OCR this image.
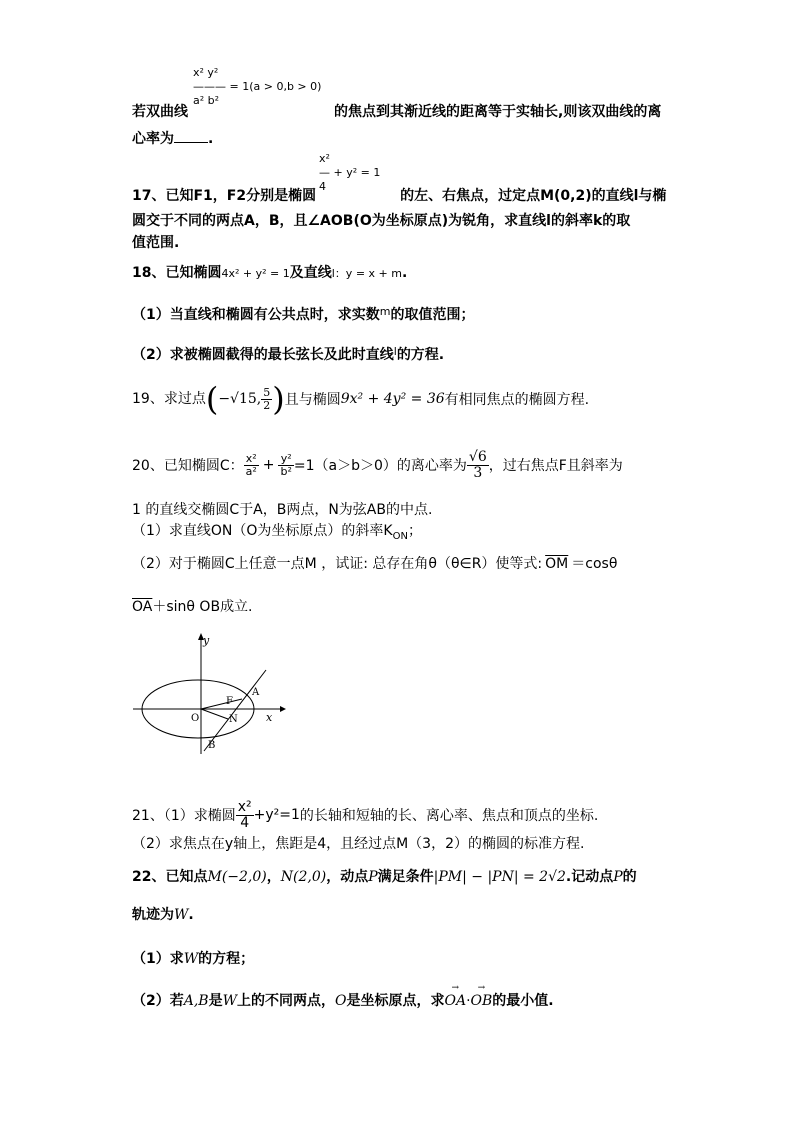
x² y²
——— = 1(a > 0,b > 0)
a² b²
若双曲线	的焦点到其渐近线的距离等于实轴长,则该双曲线的离
心率为 .
x²
— + y² = 1
4
17、已知F1，F2分别是椭圆	的左、右焦点，过定点M(0,2)的直线l与椭
圆交于不同的两点A，B，且∠AOB(O为坐标原点)为锐角，求直线l的斜率k的取
值范围.
18、已知椭圆4x² + y² = 1及直线l：y = x + m.
（1）当直线和椭圆有公共点时，求实数$^m$的取值范围；
（2）求被椭圆截得的最长弦长及此时直线$^l$的方程.
19、求过点(−√15, $\frac{5}{2}$ )且与椭圆9x² + 4y² = 36有相同焦点的椭圆方程.
20、已知椭圆C： $\frac{\text{x²}}{\text{a²}} + \frac{\text{y²}}{\text{b²}} =1(a>b>0)$的离心率为 $\frac{√6}{3}$ ，过右焦点F且斜率为
1 的直线交椭圆C于A，B两点，N为弦AB的中点.
（1）求直线ON（O为坐标原点）的斜率$K_{ON}$；
（2）对于椭圆C上任意一点M ，试证: 总存在角θ（θ∈R）使等式: $\overline{OM} =\cos\theta$
$\overline{OA}+\sin\theta$ OB成立.
y
x
O
F
A
N
B
21、（1）求椭圆 $\frac{\text{x²}}{4} +y^2=1$的长轴和短轴的长、离心率、焦点和顶点的坐标.
（2）求焦点在y轴上，焦距是4，且经过点M（3，2）的椭圆的标准方程.
22、已知点M(−2,0)，N(2,0)，动点P满足条件|PM| − |PN| = 2√2.记动点P的
轨迹为W.
（1）求W的方程；
（2）若A,B是W上的不同两点，O是坐标原点，求→ OA·→ OB的最小值.
